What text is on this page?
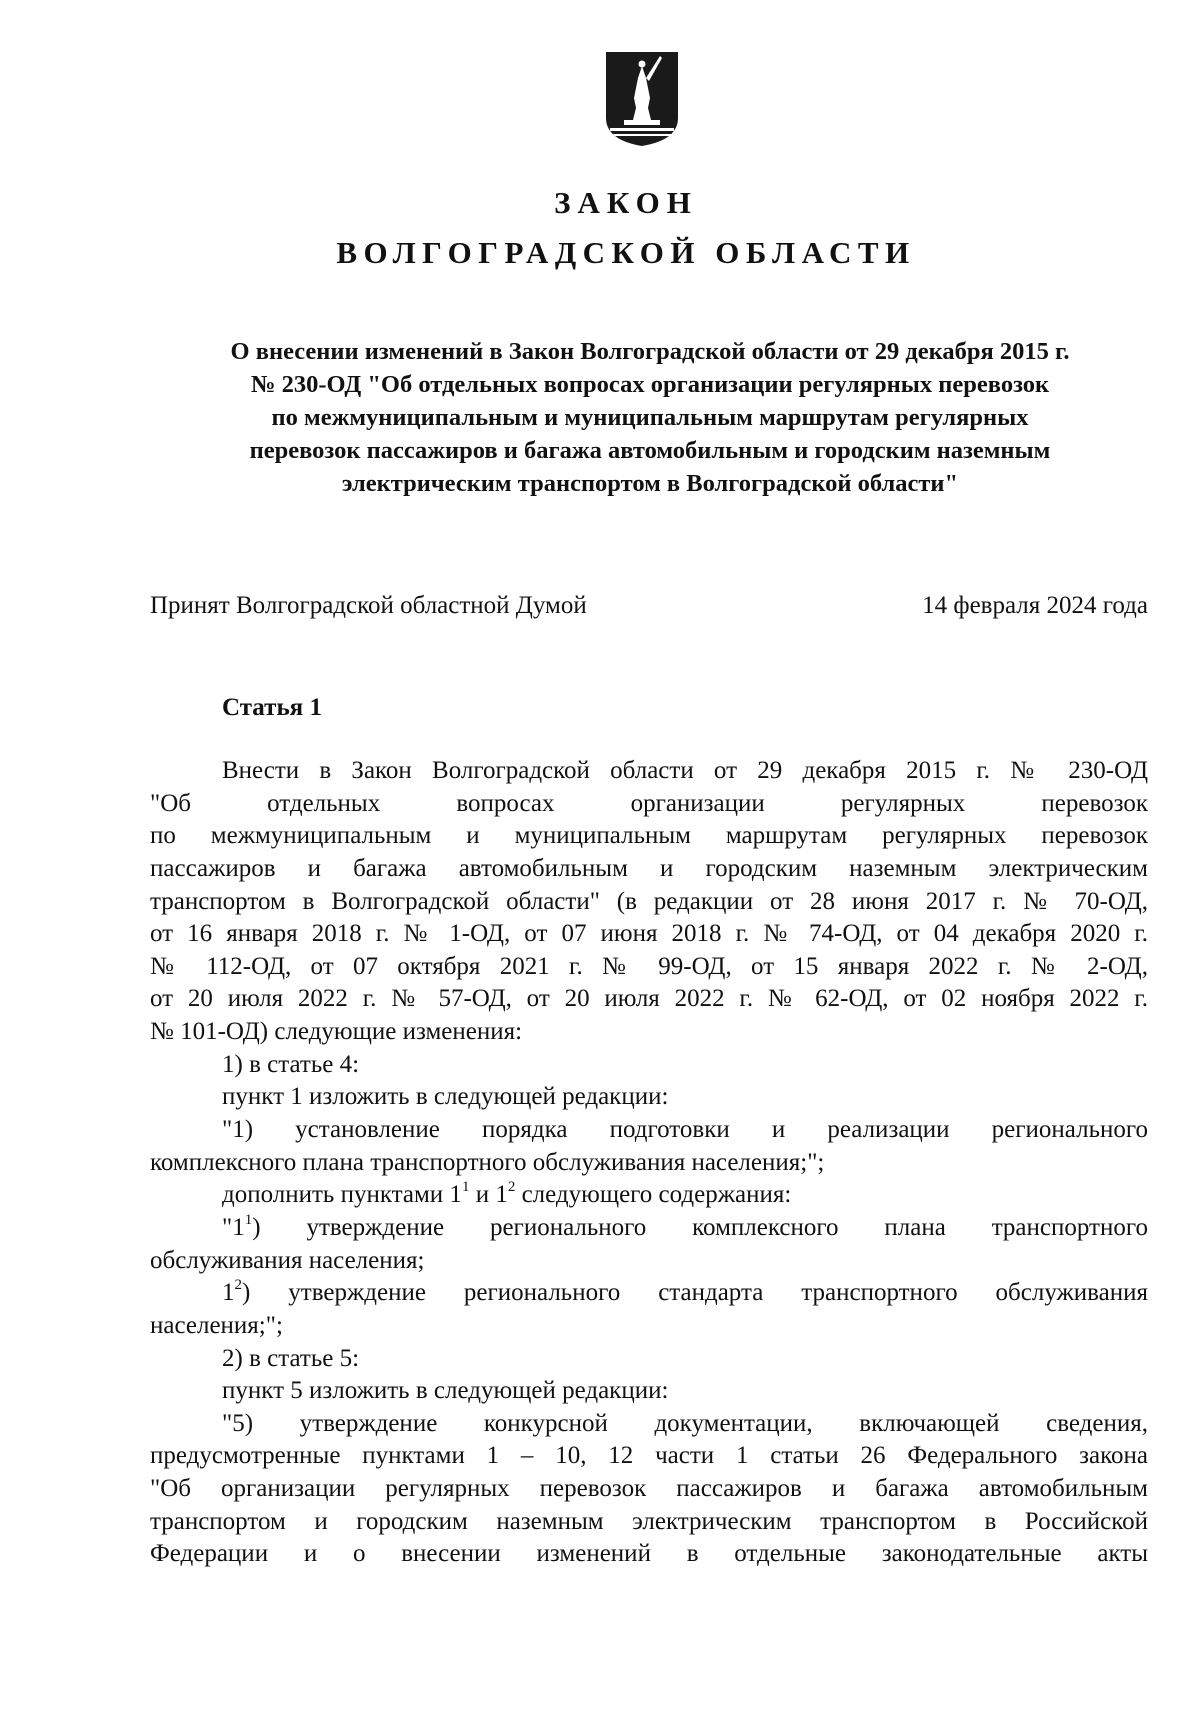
ЗАКОН
ВОЛГОГРАДСКОЙ ОБЛАСТИ
О внесении изменений в Закон Волгоградской области от 29 декабря 2015 г.
№ 230-ОД "Об отдельных вопросах организации регулярных перевозок
по межмуниципальным и муниципальным маршрутам регулярных
перевозок пассажиров и багажа автомобильным и городским наземным
электрическим транспортом в Волгоградской области"
Принят Волгоградской областной Думой	14 февраля 2024 года
Статья 1
Внести в Закон Волгоградской области от 29 декабря 2015 г. № 230-ОД
"Об отдельных вопросах организации регулярных перевозок
по межмуниципальным и муниципальным маршрутам регулярных перевозок
пассажиров и багажа автомобильным и городским наземным электрическим
транспортом в Волгоградской области" (в редакции от 28 июня 2017 г. № 70-ОД,
от 16 января 2018 г. № 1-ОД, от 07 июня 2018 г. № 74-ОД, от 04 декабря 2020 г.
№ 112-ОД, от 07 октября 2021 г. № 99-ОД, от 15 января 2022 г. № 2-ОД,
от 20 июля 2022 г. № 57-ОД, от 20 июля 2022 г. № 62-ОД, от 02 ноября 2022 г.
№ 101-ОД) следующие изменения:
1) в статье 4:
пункт 1 изложить в следующей редакции:
"1) установление порядка подготовки и реализации регионального
комплексного плана транспортного обслуживания населения;";
дополнить пунктами $1^1$ и $1^2$ следующего содержания:
"$1^1$) утверждение регионального комплексного плана транспортного
обслуживания населения;
$1^2$) утверждение регионального стандарта транспортного обслуживания
населения;";
2) в статье 5:
пункт 5 изложить в следующей редакции:
"5) утверждение конкурсной документации, включающей сведения,
предусмотренные пунктами 1 – 10, 12 части 1 статьи 26 Федерального закона
"Об организации регулярных перевозок пассажиров и багажа автомобильным
транспортом и городским наземным электрическим транспортом в Российской
Федерации и о внесении изменений в отдельные законодательные акты
